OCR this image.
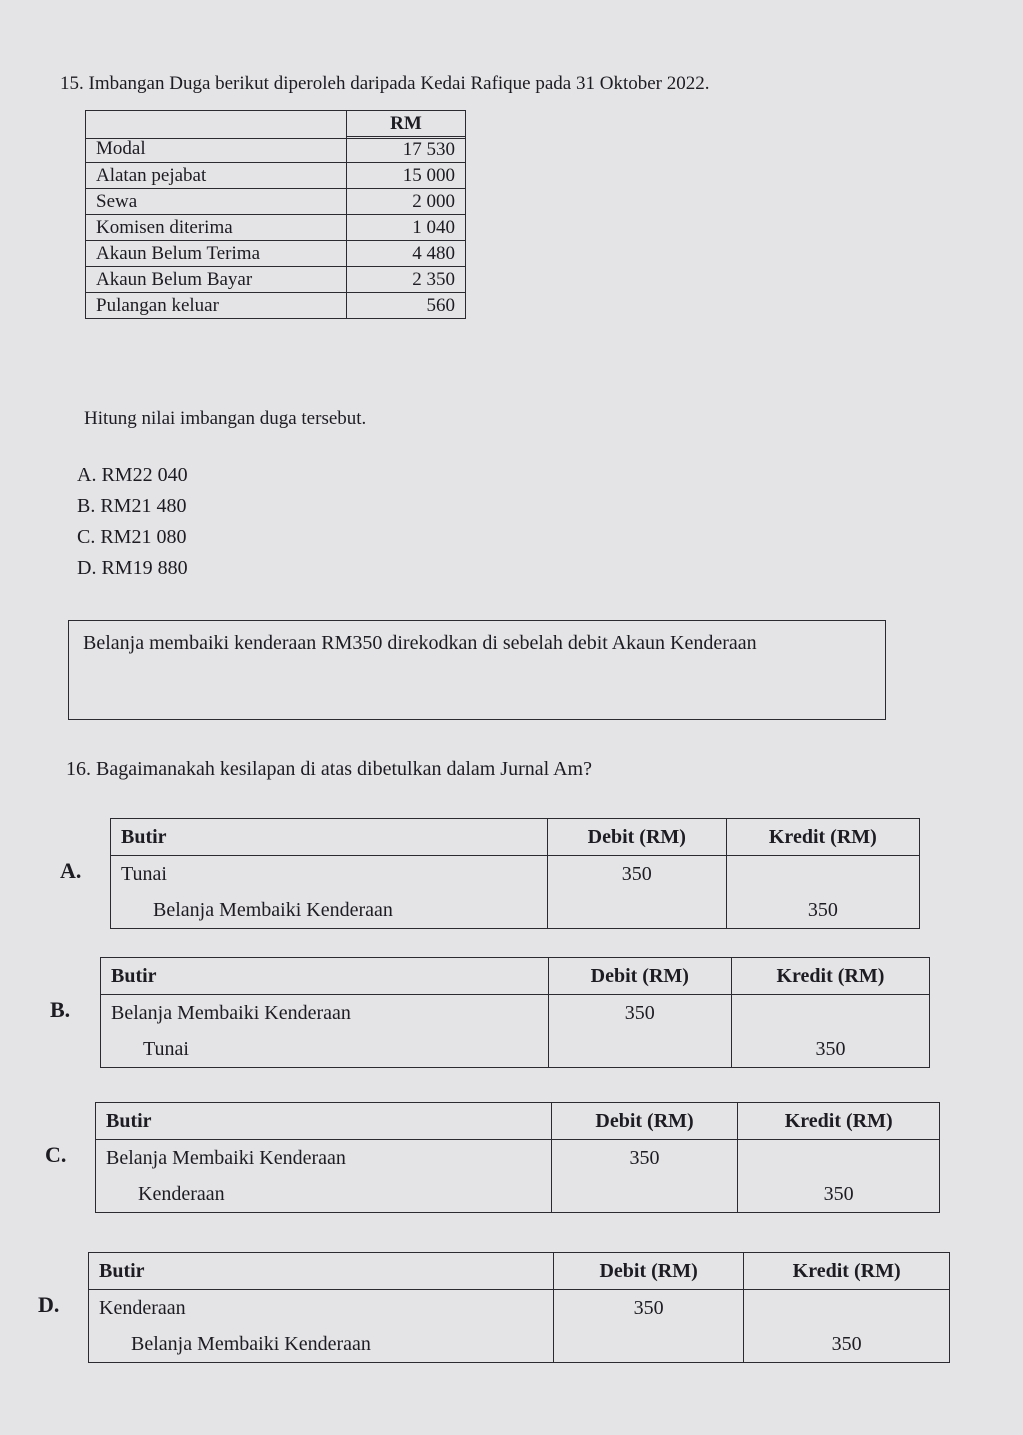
15. Imbangan Duga berikut diperoleh daripada Kedai Rafique pada 31 Oktober 2022.

	RM
Modal	17 530
Alatan pejabat	15 000
Sewa	2 000
Komisen diterima	1 040
Akaun Belum Terima	4 480
Akaun Belum Bayar	2 350
Pulangan keluar	560
Hitung nilai imbangan duga tersebut.
A. RM22 040
B. RM21 480
C. RM21 080
D. RM19 880
Belanja membaiki kenderaan RM350 direkodkan di sebelah debit Akaun Kenderaan
16. Bagaimanakah kesilapan di atas dibetulkan dalam Jurnal Am?
A.
Butir	Debit (RM)	Kredit (RM)
Tunai	350	
Belanja Membaiki Kenderaan		350
B.
Butir	Debit (RM)	Kredit (RM)
Belanja Membaiki Kenderaan	350	
Tunai		350
C.
Butir	Debit (RM)	Kredit (RM)
Belanja Membaiki Kenderaan	350	
Kenderaan		350
D.
Butir	Debit (RM)	Kredit (RM)
Kenderaan	350	
Belanja Membaiki Kenderaan		350
